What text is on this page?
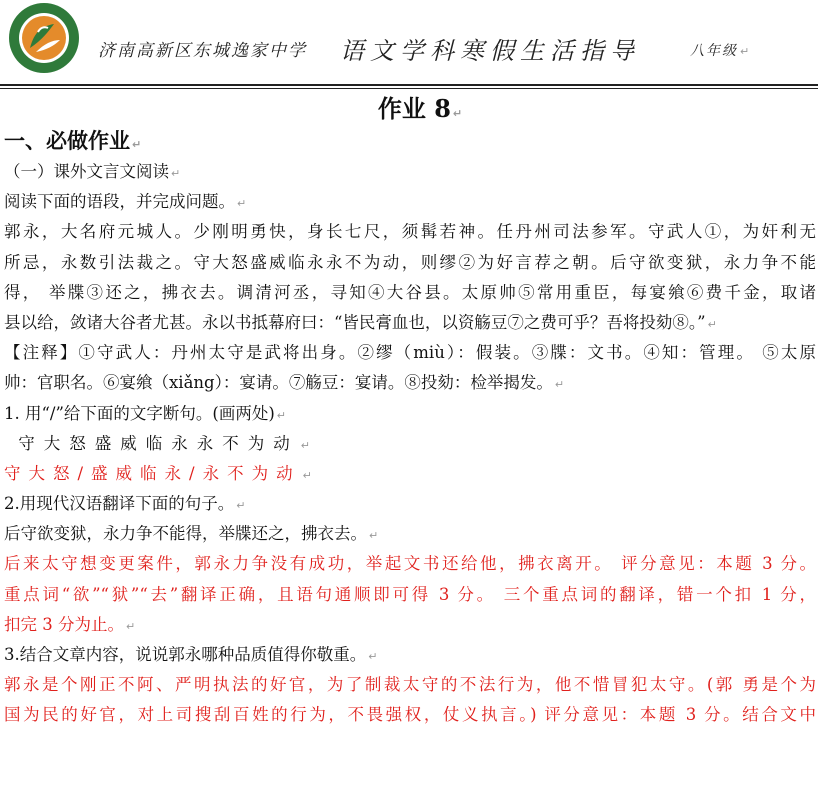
济南高新区东城逸家中学 语文学科寒假生活指导	八年级 ↵
作业 8 ↵
一、必做作业 ↵
（一）课外文言文阅读 ↵
阅读下面的语段，并完成问题。 ↵
郭永，大名府元城人。少刚明勇快，身长七尺，须髯若神。任丹州司法参军。守武人①，为奸利无
所忌，永数引法裁之。守大怒盛威临永永不为动，则缪②为好言荐之朝。后守欲变狱，永力争不能
得， 举牒③还之，拂衣去。调清河丞，寻知④大谷县。太原帅⑤常用重臣，每宴飨⑥费千金，取诸
县以给，敛诸大谷者尤甚。永以书抵幕府曰：“皆民膏血也，以资觞豆⑦之费可乎？吾将投劾⑧。” ↵
【注释】①守武人：丹州太守是武将出身。②缪（miù）：假装。③牒：文书。④知：管理。 ⑤太原
帅：官职名。⑥宴飨（xiǎng）：宴请。⑦觞豆：宴请。⑧投劾：检举揭发。 ↵
1. 用“/”给下面的文字断句。(画两处) ↵
守大怒盛威临永永不为动 ↵
守大怒/盛威临永/永不为动 ↵
2.用现代汉语翻译下面的句子。 ↵
后守欲变狱，永力争不能得，举牒还之，拂衣去。 ↵
后来太守想变更案件，郭永力争没有成功，举起文书还给他，拂衣离开。 评分意见：本题 3 分。
重点词“欲”“狱”“去”翻译正确，且语句通顺即可得 3 分。 三个重点词的翻译，错一个扣 1 分，
扣完 3 分为止。 ↵
3.结合文章内容，说说郭永哪种品质值得你敬重。 ↵
郭永是个刚正不阿、严明执法的好官，为了制裁太守的不法行为，他不惜冒犯太守。(郭 勇是个为
国为民的好官，对上司搜刮百姓的行为，不畏强权，仗义执言。) 评分意见：本题 3 分。结合文中
